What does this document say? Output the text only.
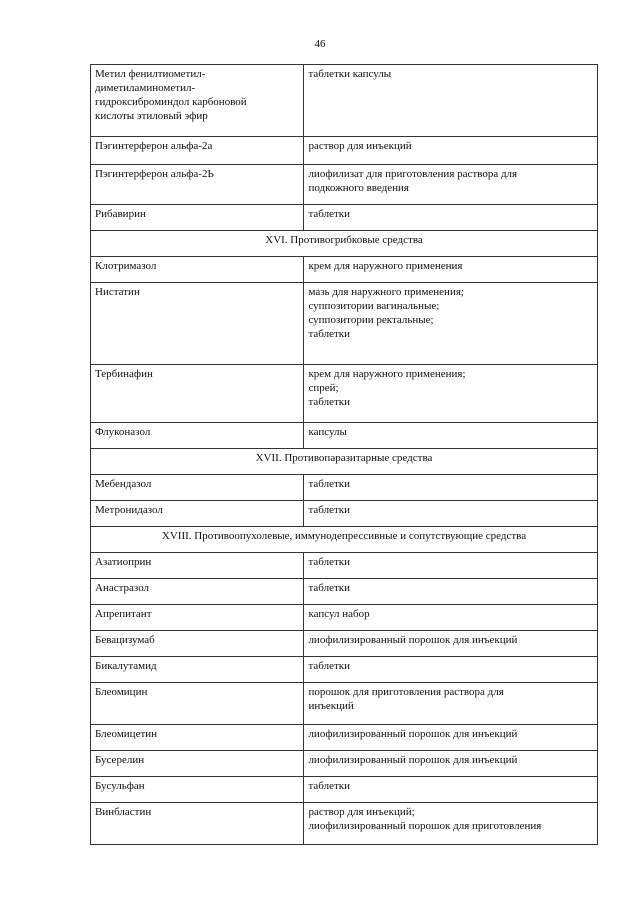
46
Метил фенилтиометил-
диметиламинометил-
гидроксиброминдол карбоновой
кислоты этиловый эфир	таблетки капсулы

Пэгинтерферон альфа-2а	раствор для инъекций

Пэгинтерферон альфа-2Ь	лиофилизат для приготовления раствора для
подкожного введения

Рибавирин	таблетки

XVI. Противогрибковые средства	

Клотримазол	крем для наружного применения

Нистатин	мазь для наружного применения;
суппозитории вагинальные;
суппозитории ректальные;
таблетки

Тербинафин	крем для наружного применения;
спрей;
таблетки

Флуконазол	капсулы

XVII. Противопаразитарные средства	

Мебендазол	таблетки

Метронидазол	таблетки

XVIII. Противоопухолевые, иммунодепрессивные и сопутствующие средства	

Азатиоприн	таблетки

Анастразол	таблетки

Апрепитант	капсул набор

Бевацизумаб	лиофилизированный порошок для инъекций

Бикалутамид	таблетки

Блеомицин	порошок для приготовления раствора для
инъекций

Блеомицетин	лиофилизированный порошок для инъекций

Бусерелин	лиофилизированный порошок для инъекций

Бусульфан	таблетки

Винбластин	раствор для инъекций;
лиофилизированный порошок для приготовления
